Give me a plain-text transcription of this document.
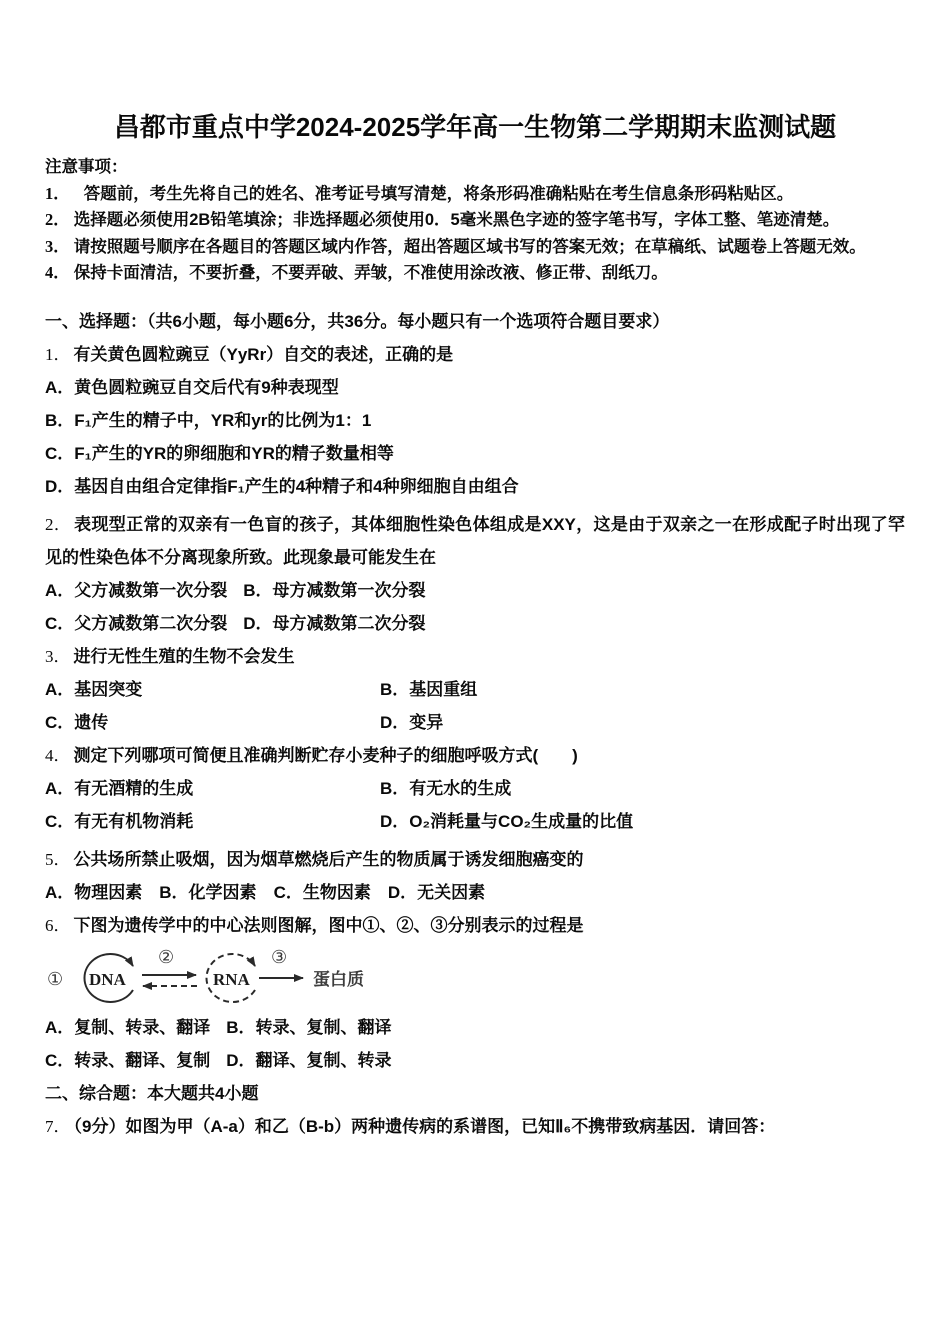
昌都市重点中学2024-2025学年高一生物第二学期期末监测试题
注意事项：
1． 答题前，考生先将自己的姓名、准考证号填写清楚，将条形码准确粘贴在考生信息条形码粘贴区。
2． 选择题必须使用2B铅笔填涂；非选择题必须使用0．5毫米黑色字迹的签字笔书写，字体工整、笔迹清楚。
3． 请按照题号顺序在各题目的答题区域内作答，超出答题区域书写的答案无效；在草稿纸、试题卷上答题无效。
4． 保持卡面清洁，不要折叠，不要弄破、弄皱，不准使用涂改液、修正带、刮纸刀。
一、选择题：（共6小题，每小题6分，共36分。每小题只有一个选项符合题目要求）
1． 有关黄色圆粒豌豆（YyRr）自交的表述，正确的是
A．黄色圆粒豌豆自交后代有9种表现型
B．F₁产生的精子中，YR和yr的比例为1：1
C．F₁产生的YR的卵细胞和YR的精子数量相等
D．基因自由组合定律指F₁产生的4种精子和4种卵细胞自由组合
2． 表现型正常的双亲有一色盲的孩子，其体细胞性染色体组成是XXY，这是由于双亲之一在形成配子时出现了罕见的性染色体不分离现象所致。此现象最可能发生在
A．父方减数第一次分裂 B．母方减数第一次分裂
C．父方减数第二次分裂 D．母方减数第二次分裂
3． 进行无性生殖的生物不会发生
A．基因突变	B．基因重组
C．遗传	D．变异
4． 测定下列哪项可简便且准确判断贮存小麦种子的细胞呼吸方式(　　)
A．有无酒精的生成	B．有无水的生成
C．有无有机物消耗	D．O₂消耗量与CO₂生成量的比值
5． 公共场所禁止吸烟，因为烟草燃烧后产生的物质属于诱发细胞癌变的
A．物理因素 B．化学因素 C．生物因素 D．无关因素
6． 下图为遗传学中的中心法则图解，图中①、②、③分别表示的过程是
① DNA
②
RNA
③
蛋白质
A．复制、转录、翻译 B．转录、复制、翻译
C．转录、翻译、复制 D．翻译、复制、转录
二、综合题：本大题共4小题
7． （9分）如图为甲（A-a）和乙（B-b）两种遗传病的系谱图，已知Ⅱ₆不携带致病基因．请回答：
